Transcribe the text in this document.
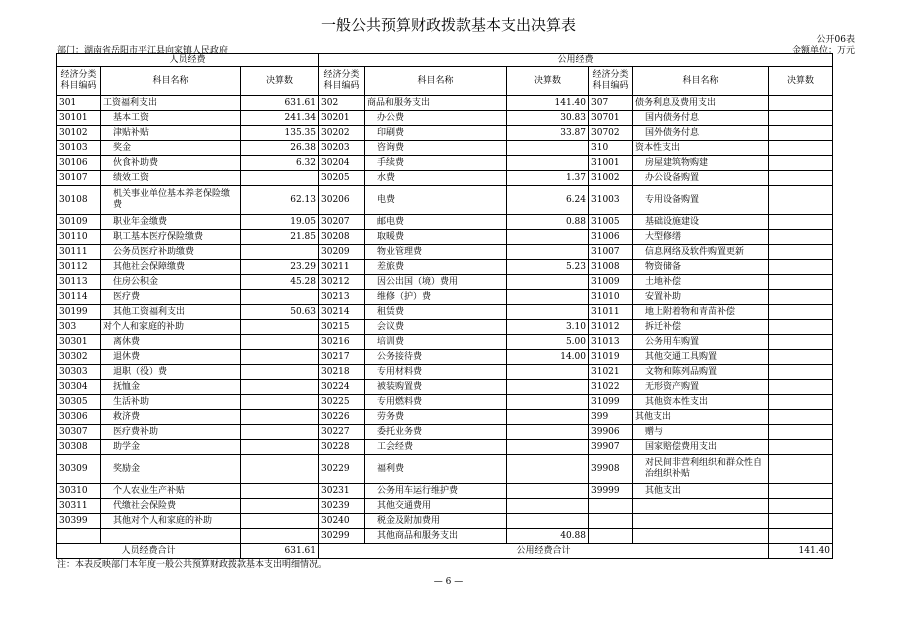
一般公共预算财政拨款基本支出决算表
公开06表
部门：湖南省岳阳市平江县向家镇人民政府	金额单位：万元
人员经费			公用经费					
经济分类科目编码	科目名称	决算数	经济分类科目编码	科目名称	决算数	经济分类科目编码	科目名称	决算数
301	工资福利支出	631.61	302	商品和服务支出	141.40	307	债务利息及费用支出	
30101	基本工资	241.34	30201	办公费	30.83	30701	国内债务付息	
30102	津贴补贴	135.35	30202	印刷费	33.87	30702	国外债务付息	
30103	奖金	26.38	30203	咨询费		310	资本性支出	
30106	伙食补助费	6.32	30204	手续费		31001	房屋建筑物购建	
30107	绩效工资		30205	水费	1.37	31002	办公设备购置	
30108	机关事业单位基本养老保险缴费	62.13	30206	电费	6.24	31003	专用设备购置	
30109	职业年金缴费	19.05	30207	邮电费	0.88	31005	基础设施建设	
30110	职工基本医疗保险缴费	21.85	30208	取暖费		31006	大型修缮	
30111	公务员医疗补助缴费		30209	物业管理费		31007	信息网络及软件购置更新	
30112	其他社会保障缴费	23.29	30211	差旅费	5.23	31008	物资储备	
30113	住房公积金	45.28	30212	因公出国（境）费用		31009	土地补偿	
30114	医疗费		30213	维修（护）费		31010	安置补助	
30199	其他工资福利支出	50.63	30214	租赁费		31011	地上附着物和青苗补偿	
303	对个人和家庭的补助		30215	会议费	3.10	31012	拆迁补偿	
30301	离休费		30216	培训费	5.00	31013	公务用车购置	
30302	退休费		30217	公务接待费	14.00	31019	其他交通工具购置	
30303	退职（役）费		30218	专用材料费		31021	文物和陈列品购置	
30304	抚恤金		30224	被装购置费		31022	无形资产购置	
30305	生活补助		30225	专用燃料费		31099	其他资本性支出	
30306	救济费		30226	劳务费		399	其他支出	
30307	医疗费补助		30227	委托业务费		39906	赠与	
30308	助学金		30228	工会经费		39907	国家赔偿费用支出	
30309	奖励金		30229	福利费		39908	对民间非营利组织和群众性自治组织补贴	
30310	个人农业生产补贴		30231	公务用车运行维护费		39999	其他支出	
30311	代缴社会保险费		30239	其他交通费用				
30399	其他对个人和家庭的补助		30240	税金及附加费用				
			30299	其他商品和服务支出	40.88			
人员经费合计		631.61	公用经费合计					141.40
注：本表反映部门本年度一般公共预算财政拨款基本支出明细情况。
— 6 —
